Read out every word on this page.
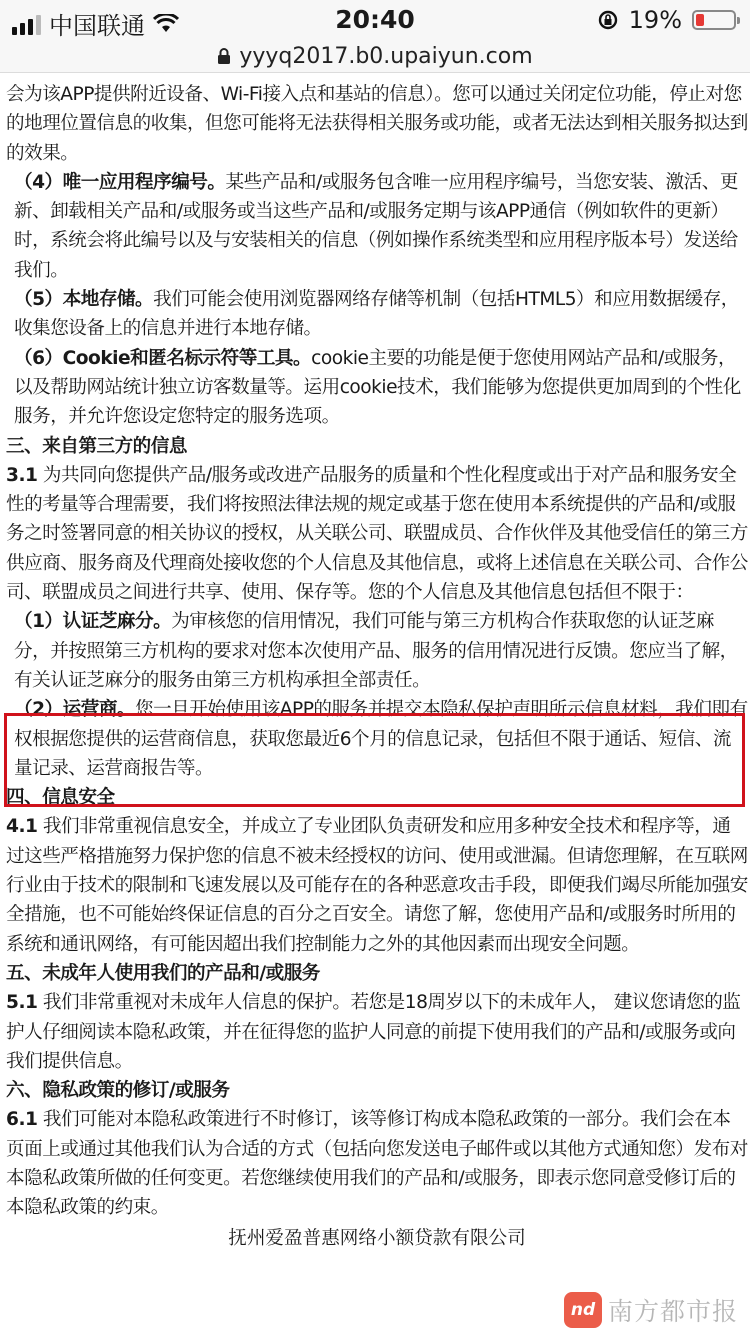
中国联通	20:40	19%
yyyq2017.b0.upaiyun.com

会为该APP提供附近设备、Wi-Fi接入点和基站的信息）。您可以通过关闭定位功能，停止对您的地理位置信息的收集，但您可能将无法获得相关服务或功能，或者无法达到相关服务拟达到的效果。

（4）唯一应用程序编号。某些产品和/或服务包含唯一应用程序编号，当您安装、激活、更新、卸载相关产品和/或服务或当这些产品和/或服务定期与该APP通信（例如软件的更新）时，系统会将此编号以及与安装相关的信息（例如操作系统类型和应用程序版本号）发送给我们。

（5）本地存储。我们可能会使用浏览器网络存储等机制（包括HTML5）和应用数据缓存，收集您设备上的信息并进行本地存储。

（6）Cookie和匿名标示符等工具。cookie主要的功能是便于您使用网站产品和/或服务，以及帮助网站统计独立访客数量等。运用cookie技术，我们能够为您提供更加周到的个性化服务，并允许您设定您特定的服务选项。

三、来自第三方的信息

3.1 为共同向您提供产品/服务或改进产品服务的质量和个性化程度或出于对产品和服务安全性的考量等合理需要，我们将按照法律法规的规定或基于您在使用本系统提供的产品和/或服务之时签署同意的相关协议的授权，从关联公司、联盟成员、合作伙伴及其他受信任的第三方供应商、服务商及代理商处接收您的个人信息及其他信息，或将上述信息在关联公司、合作公司、联盟成员之间进行共享、使用、保存等。您的个人信息及其他信息包括但不限于：

（1）认证芝麻分。为审核您的信用情况，我们可能与第三方机构合作获取您的认证芝麻分，并按照第三方机构的要求对您本次使用产品、服务的信用情况进行反馈。您应当了解，有关认证芝麻分的服务由第三方机构承担全部责任。

（2）运营商。您一旦开始使用该APP的服务并提交本隐私保护声明所示信息材料，我们即有权根据您提供的运营商信息，获取您最近6个月的信息记录，包括但不限于通话、短信、流量记录、运营商报告等。

四、信息安全

4.1 我们非常重视信息安全，并成立了专业团队负责研发和应用多种安全技术和程序等，通过这些严格措施努力保护您的信息不被未经授权的访问、使用或泄漏。但请您理解，在互联网行业由于技术的限制和飞速发展以及可能存在的各种恶意攻击手段，即便我们竭尽所能加强安全措施，也不可能始终保证信息的百分之百安全。请您了解，您使用产品和/或服务时所用的系统和通讯网络，有可能因超出我们控制能力之外的其他因素而出现安全问题。

五、未成年人使用我们的产品和/或服务

5.1 我们非常重视对未成年人信息的保护。若您是18周岁以下的未成年人， 建议您请您的监护人仔细阅读本隐私政策，并在征得您的监护人同意的前提下使用我们的产品和/或服务或向我们提供信息。

六、隐私政策的修订/或服务

6.1 我们可能对本隐私政策进行不时修订，该等修订构成本隐私政策的一部分。我们会在本页面上或通过其他我们认为合适的方式（包括向您发送电子邮件或以其他方式通知您）发布对本隐私政策所做的任何变更。若您继续使用我们的产品和/或服务，即表示您同意受修订后的本隐私政策的约束。

抚州爱盈普惠网络小额贷款有限公司
nd 南方都市报
